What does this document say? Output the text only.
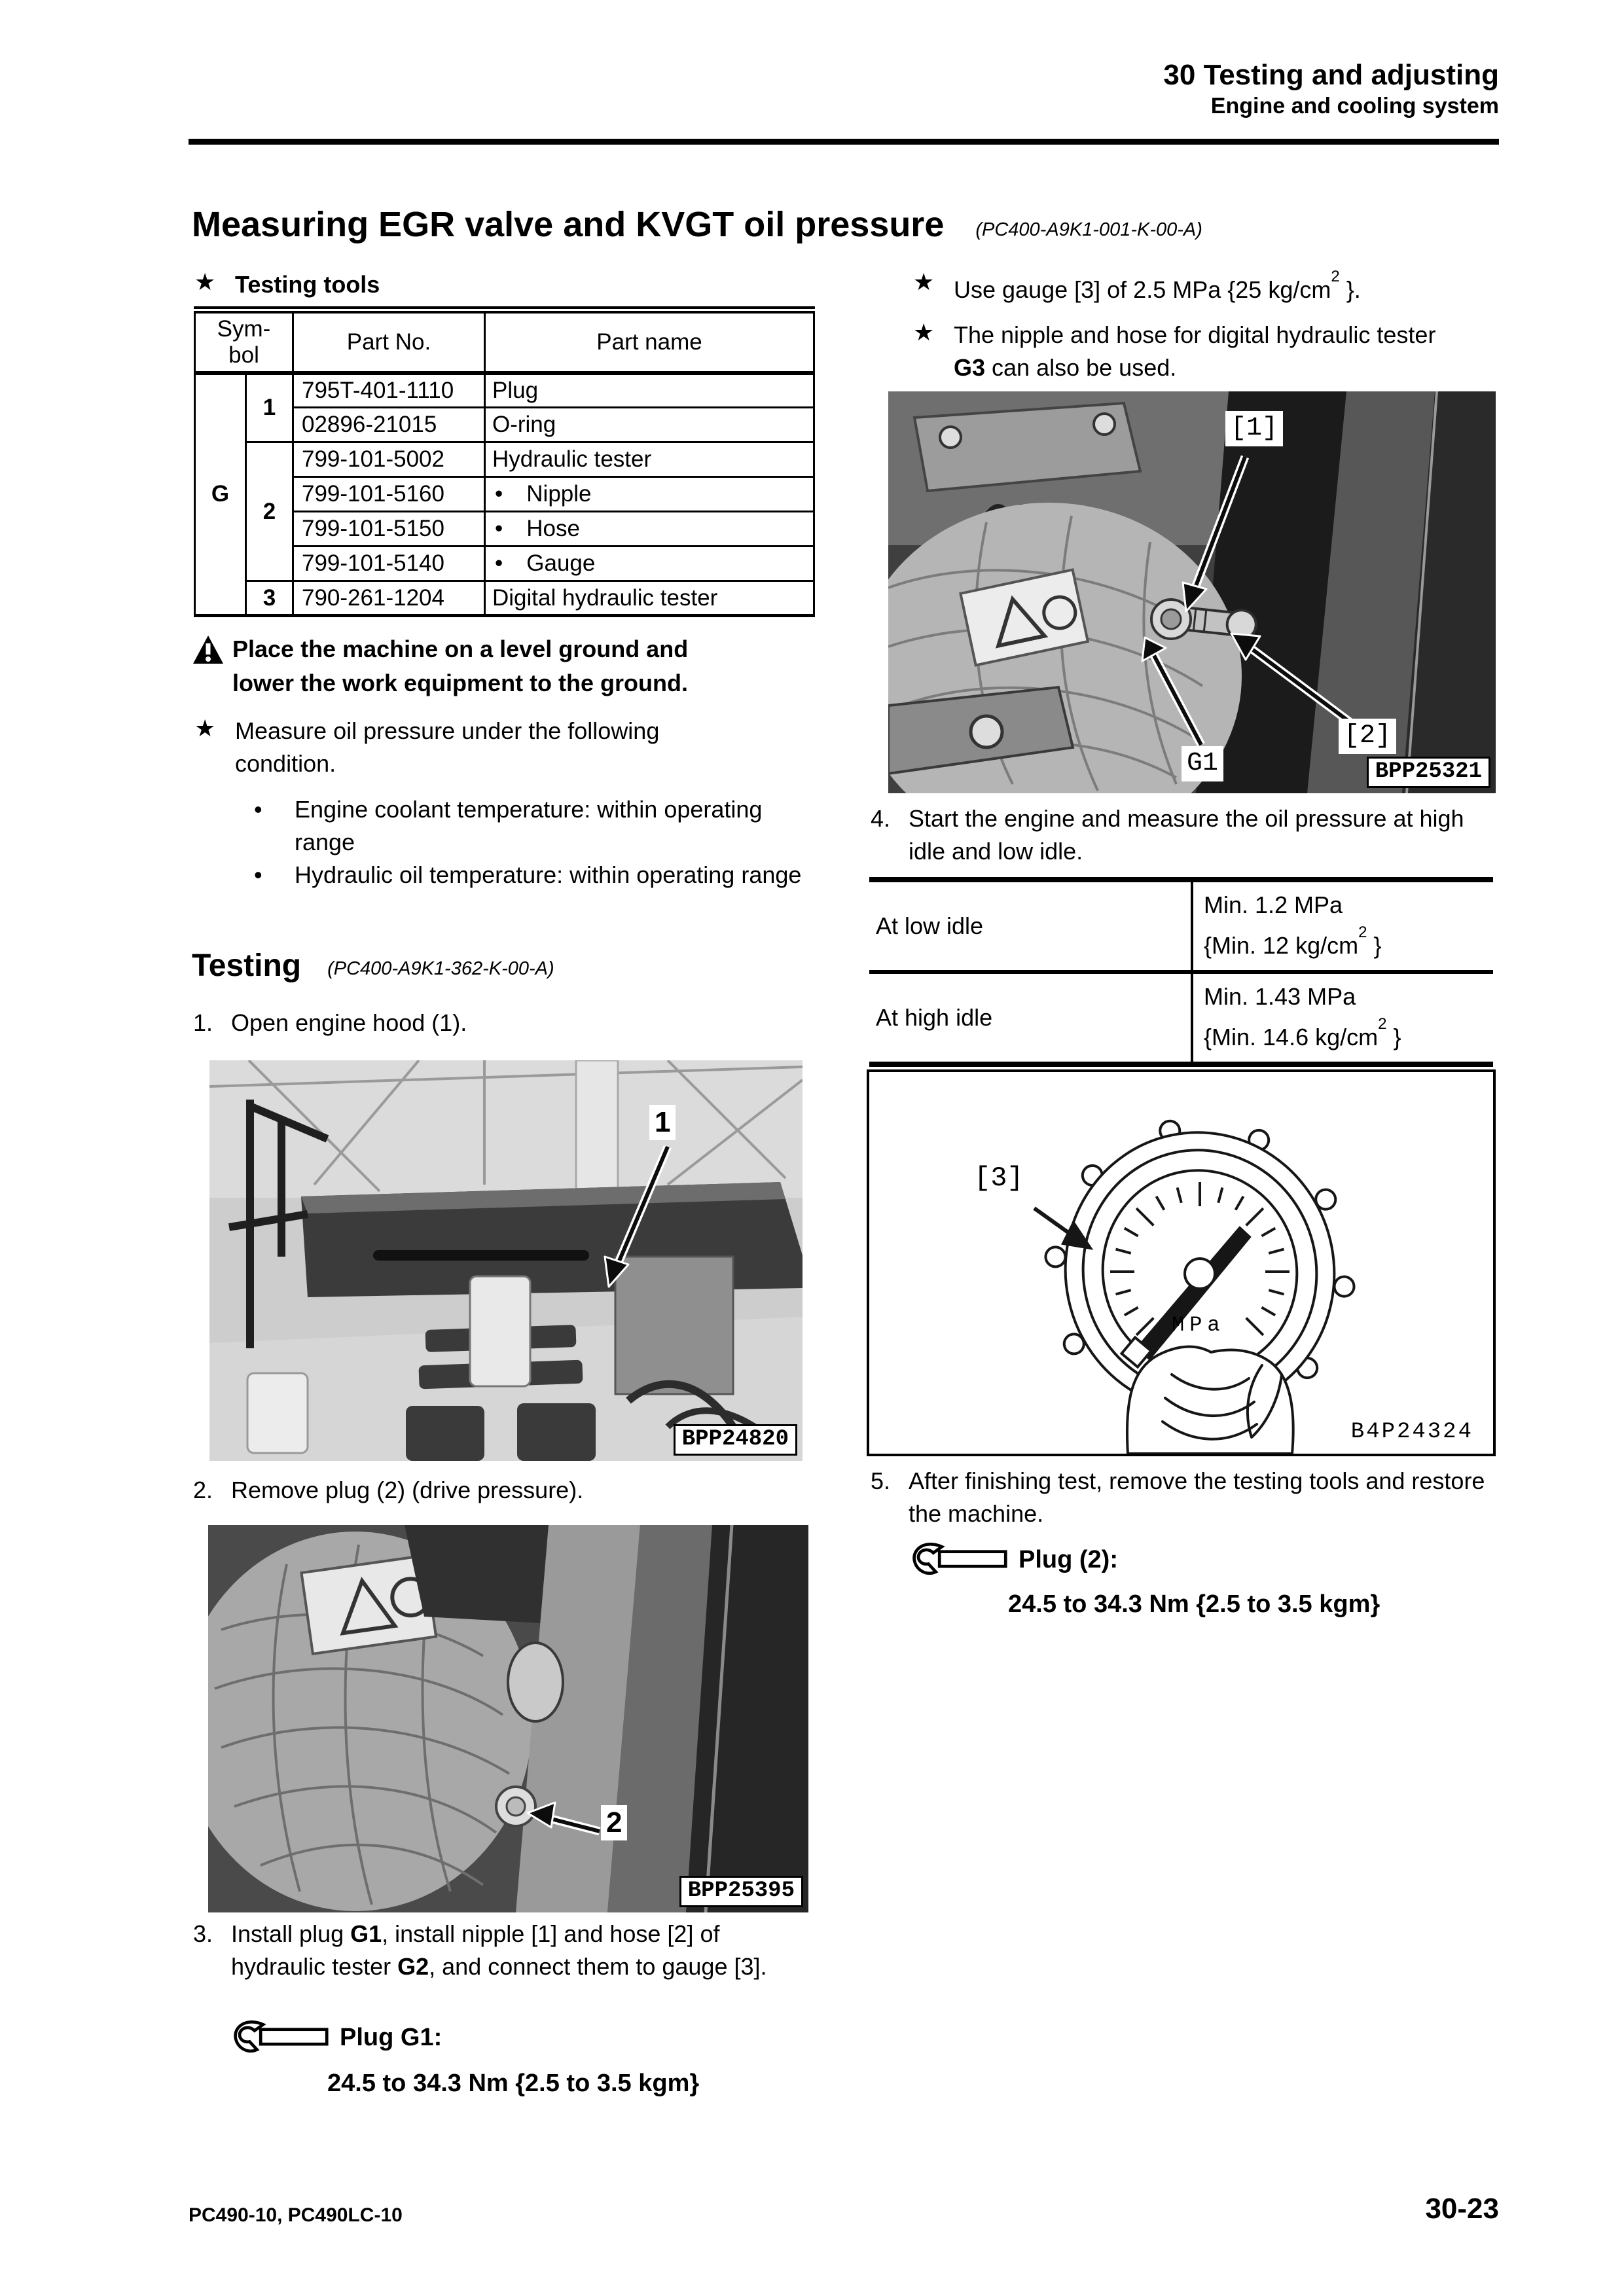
30 Testing and adjusting
Engine and cooling system
Measuring EGR valve and KVGT oil pressure (PC400-A9K1-001-K-00-A)
★ Testing tools
Sym-
bol		Part No.	Part name
G	1	795T-401-1110	Plug
		02896-21015	O-ring
	2	799-101-5002	Hydraulic tester
		799-101-5160	• Nipple

		799-101-5150	• Hose

		799-101-5140	• Gauge

	3	790-261-1204	Digital hydraulic tester
Place the machine on a level ground and lower the work equipment to the ground.
★ Measure oil pressure under the following condition.
•	Engine coolant temperature: within operating range
•	Hydraulic oil temperature: within operating range
Testing (PC400-A9K1-362-K-00-A)
1. Open engine hood (1).
1
BPP24820
2. Remove plug (2) (drive pressure).
2
BPP25395
3. Install plug G1, install nipple [1] and hose [2] of hydraulic tester G2, and connect them to gauge [3].
Plug G1:
24.5 to 34.3 Nm {2.5 to 3.5 kgm}
★ Use gauge [3] of 2.5 MPa {25 $kg/cm^2$ }.
★ The nipple and hose for digital hydraulic tester G3 can also be used.
[1]
G1
[2]
BPP25321
4. Start the engine and measure the oil pressure at high idle and low idle.
At low idle	Min. 1.2 MPa
{Min. 12 $kg/cm^2$ }

At high idle	Min. 1.43 MPa
{Min. 14.6 $kg/cm^2$ }
[3]
MPa
B4P24324
5. After finishing test, remove the testing tools and restore the machine.
Plug (2):
24.5 to 34.3 Nm {2.5 to 3.5 kgm}
PC490-10, PC490LC-10	30-23
